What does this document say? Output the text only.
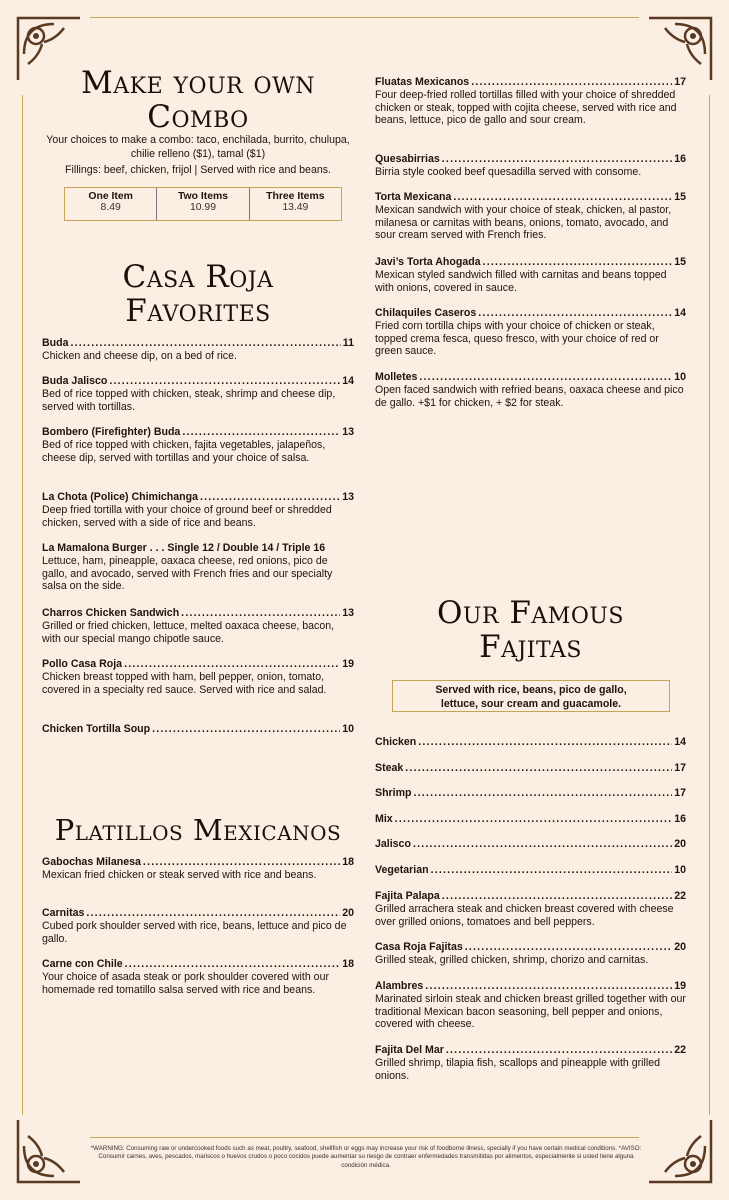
Make your own
Combo
Your choices to make a combo: taco, enchilada, burrito, chulupa, chilie relleno ($1), tamal ($1)
Fillings: beef, chicken, frijol | Served with rice and beans.
One Item
8.49
Two Items
10.99
Three Items
13.49
Casa Roja
Favorites
Buda .....	11
Chicken and cheese dip, on a bed of rice.
Buda Jalisco .....	14
Bed of rice topped with chicken, steak, shrimp and cheese dip, served with tortillas.
Bombero (Firefighter) Buda .....	13
Bed of rice topped with chicken, fajita vegetables, jalapeños, cheese dip, served with tortillas and your choice of salsa.
La Chota (Police) Chimichanga .....	13
Deep fried tortilla with your choice of ground beef or shredded chicken, served with a side of rice and beans.
La Mamalona Burger . . . Single 12 / Double 14 / Triple 16
Lettuce, ham, pineapple, oaxaca cheese, red onions, pico de gallo, and avocado, served with French fries and our specialty salsa on the side.
Charros Chicken Sandwich .....	13
Grilled or fried chicken, lettuce, melted oaxaca cheese, bacon, with our special mango chipotle sauce.
Pollo Casa Roja .....	19
Chicken breast topped with ham, bell pepper, onion, tomato, covered in a specialty red sauce. Served with rice and salad.
Chicken Tortilla Soup .....	10
Platillos Mexicanos
Gabochas Milanesa .....	18
Mexican fried chicken or steak served with rice and beans.
Carnitas .....	20
Cubed pork shoulder served with rice, beans, lettuce and pico de gallo.
Carne con Chile .....	18
Your choice of asada steak or pork shoulder covered with our homemade red tomatillo salsa served with rice and beans.
Fluatas Mexicanos .....	17
Four deep-fried rolled tortillas filled with your choice of shredded chicken or steak, topped with cojita cheese, served with rice and beans, lettuce, pico de gallo and sour cream.
Quesabirrias .....	16
Birria style cooked beef quesadilla served with consome.
Torta Mexicana .....	15
Mexican sandwich with your choice of steak, chicken, al pastor, milanesa or carnitas with beans, onions, tomato, avocado, and sour cream served with French fries.
Javi’s Torta Ahogada .....	15
Mexican styled sandwich filled with carnitas and beans topped with onions, covered in sauce.
Chilaquiles Caseros .....	14
Fried corn tortilla chips with your choice of chicken or steak, topped crema fesca, queso fresco, with your choice of red or green sauce.
Molletes .....	10
Open faced sandwich with refried beans, oaxaca cheese and pico de gallo. +$1 for chicken, + $2 for steak.
Our Famous
Fajitas
Chicken .....	14
Steak .....	17
Shrimp .....	17
Mix .....	16
Jalisco .....	20
Vegetarian .....	10
Fajita Palapa .....	22
Grilled arrachera steak and chicken breast covered with cheese over grilled onions, tomatoes and bell peppers.
Casa Roja Fajitas .....	20
Grilled steak, grilled chicken, shrimp, chorizo and carnitas.
Alambres .....	19
Marinated sirloin steak and chicken breast grilled together with our traditional Mexican bacon seasoning, bell pepper and onions, covered with cheese.
Fajita Del Mar .....	22
Grilled shrimp, tilapia fish, scallops and pineapple with grilled onions.
Served with rice, beans, pico de gallo,
lettuce, sour cream and guacamole.
*WARNING: Consuming raw or undercooked foods such as meat, poultry, seafood, shellfish or eggs may increase your risk of foodborne illness, specially if you have certain medical conditions. *AVISO: Consumir carnes, aves, pescados, mariscos o huevos crudos o poco cocidos puede aumentar su riesgo de contraer enfermedades transmitidas por alimentos, especialmente si usted tiene alguna condición médica.
